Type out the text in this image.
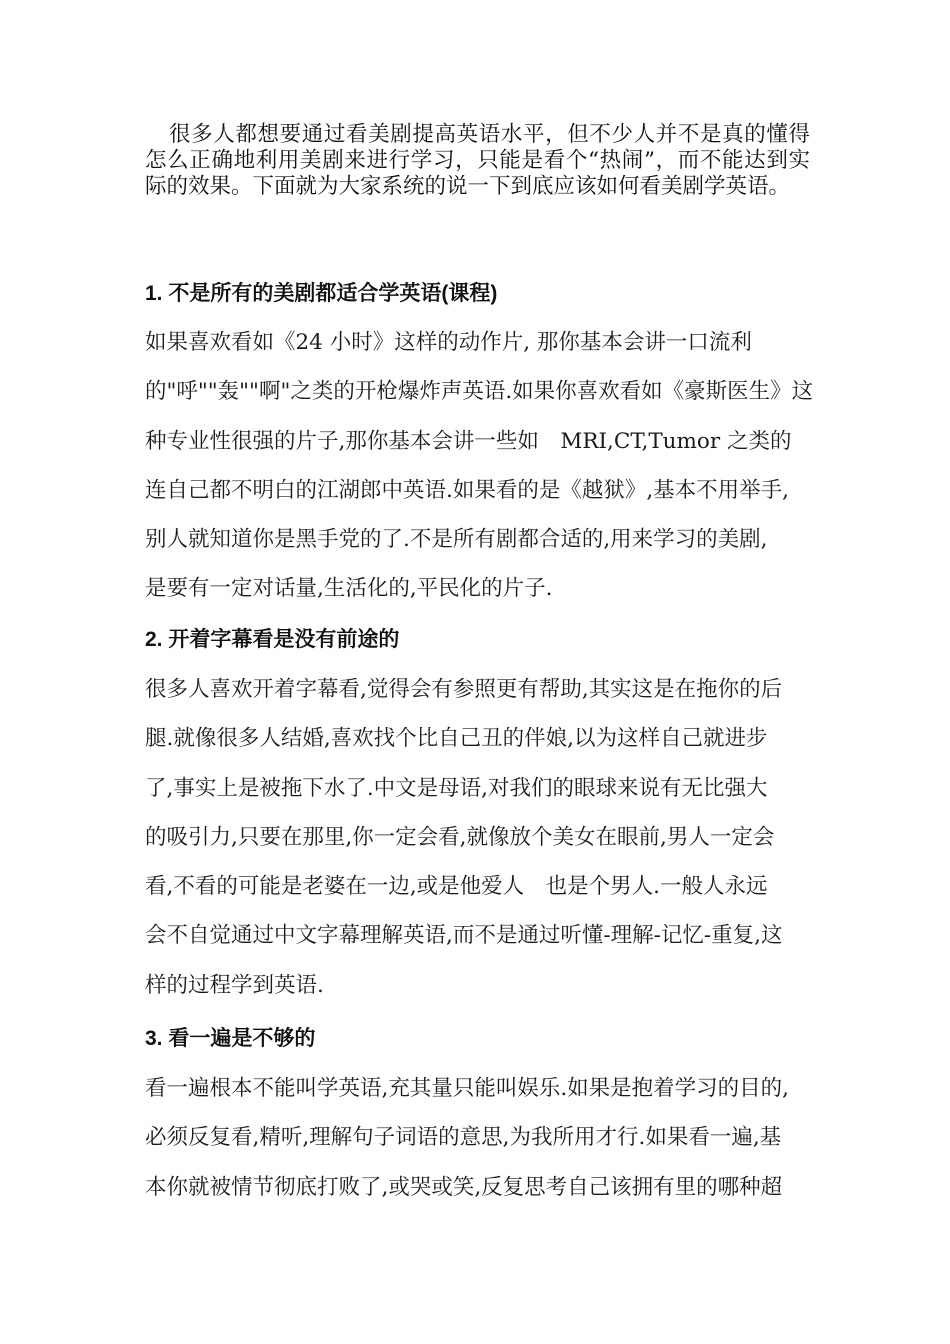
很多人都想要通过看美剧提高英语水平，但不少人并不是真的懂得怎么正确地利用美剧来进行学习，只能是看个“热闹”，而不能达到实际的效果。下面就为大家系统的说一下到底应该如何看美剧学英语。

1. 不是所有的美剧都适合学英语(课程)

如果喜欢看如《24 小时》这样的动作片, 那你基本会讲一口流利
的"呼""轰""啊"之类的开枪爆炸声英语.如果你喜欢看如《豪斯医生》这
种专业性很强的片子,那你基本会讲一些如　MRI,CT,Tumor 之类的
连自己都不明白的江湖郎中英语.如果看的是《越狱》,基本不用举手,
别人就知道你是黑手党的了.不是所有剧都合适的,用来学习的美剧,
是要有一定对话量,生活化的,平民化的片子.

2. 开着字幕看是没有前途的

很多人喜欢开着字幕看,觉得会有参照更有帮助,其实这是在拖你的后
腿.就像很多人结婚,喜欢找个比自己丑的伴娘,以为这样自己就进步
了,事实上是被拖下水了.中文是母语,对我们的眼球来说有无比强大
的吸引力,只要在那里,你一定会看,就像放个美女在眼前,男人一定会
看,不看的可能是老婆在一边,或是他爱人　也是个男人.一般人永远
会不自觉通过中文字幕理解英语,而不是通过听懂-理解-记忆-重复,这
样的过程学到英语.

3. 看一遍是不够的

看一遍根本不能叫学英语,充其量只能叫娱乐.如果是抱着学习的目的,
必须反复看,精听,理解句子词语的意思,为我所用才行.如果看一遍,基
本你就被情节彻底打败了,或哭或笑,反复思考自己该拥有里的哪种超
